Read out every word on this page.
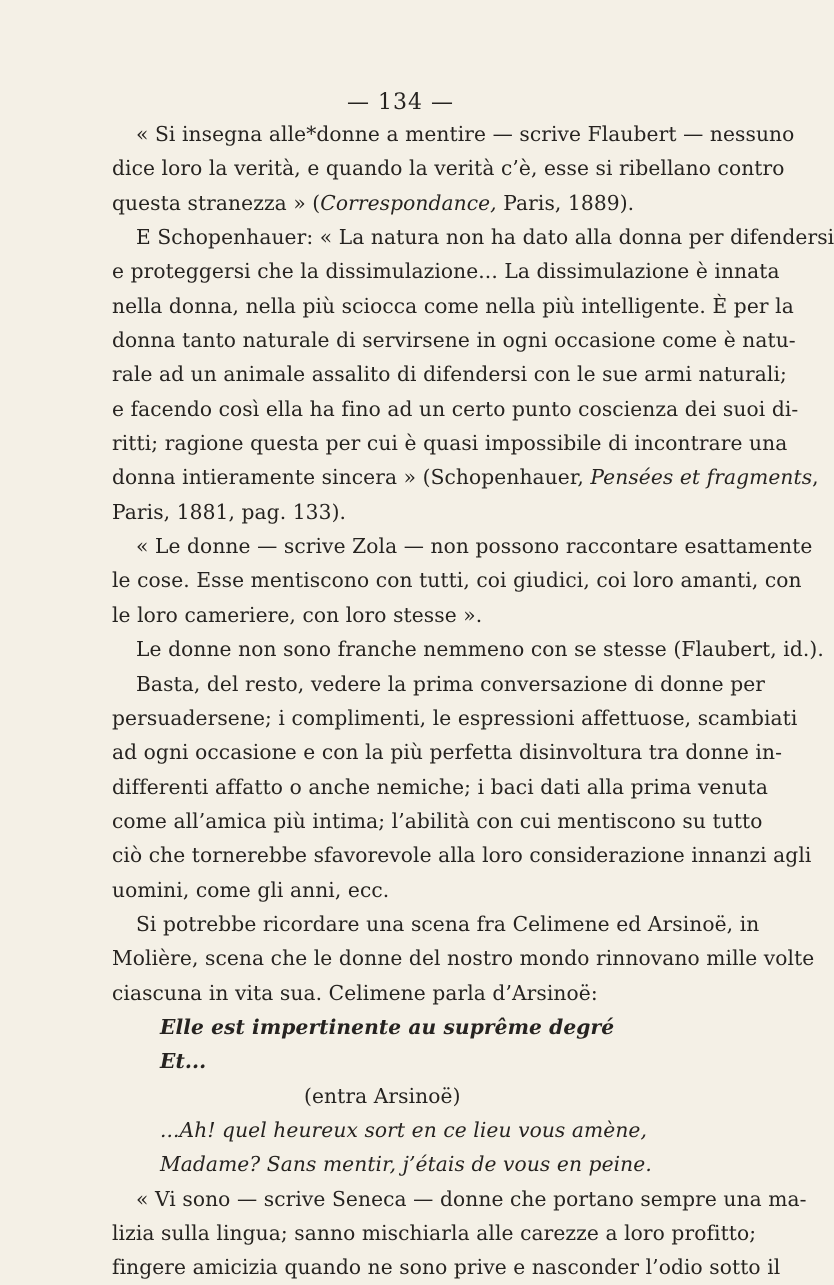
— 134 —
« Si insegna alle*donne a mentire — scrive Flaubert — nessuno
dice loro la verità, e quando la verità c’è, esse si ribellano contro
questa stranezza » (Correspondance, Paris, 1889).
E Schopenhauer: « La natura non ha dato alla donna per difendersi
e proteggersi che la dissimulazione... La dissimulazione è innata
nella donna, nella più sciocca come nella più intelligente. È per la
donna tanto naturale di servirsene in ogni occasione come è natu-
rale ad un animale assalito di difendersi con le sue armi naturali;
e facendo così ella ha fino ad un certo punto coscienza dei suoi di-
ritti; ragione questa per cui è quasi impossibile di incontrare una
donna intieramente sincera » (Schopenhauer, Pensées et fragments,
Paris, 1881, pag. 133).
« Le donne — scrive Zola — non possono raccontare esattamente
le cose. Esse mentiscono con tutti, coi giudici, coi loro amanti, con
le loro cameriere, con loro stesse ».
Le donne non sono franche nemmeno con se stesse (Flaubert, id.).
Basta, del resto, vedere la prima conversazione di donne per
persuadersene; i complimenti, le espressioni affettuose, scambiati
ad ogni occasione e con la più perfetta disinvoltura tra donne in-
differenti affatto o anche nemiche; i baci dati alla prima venuta
come all’amica più intima; l’abilità con cui mentiscono su tutto
ciò che tornerebbe sfavorevole alla loro considerazione innanzi agli
uomini, come gli anni, ecc.
Si potrebbe ricordare una scena fra Celimene ed Arsinoë, in
Molière, scena che le donne del nostro mondo rinnovano mille volte
ciascuna in vita sua. Celimene parla d’Arsinoë:
Elle est impertinente au suprême degré
Et...
(entra Arsinoë)
...Ah! quel heureux sort en ce lieu vous amène,
Madame? Sans mentir, j’étais de vous en peine.
« Vi sono — scrive Seneca — donne che portano sempre una ma-
lizia sulla lingua; sanno mischiarla alle carezze a loro profitto;
fingere amicizia quando ne sono prive e nasconder l’odio sotto il
